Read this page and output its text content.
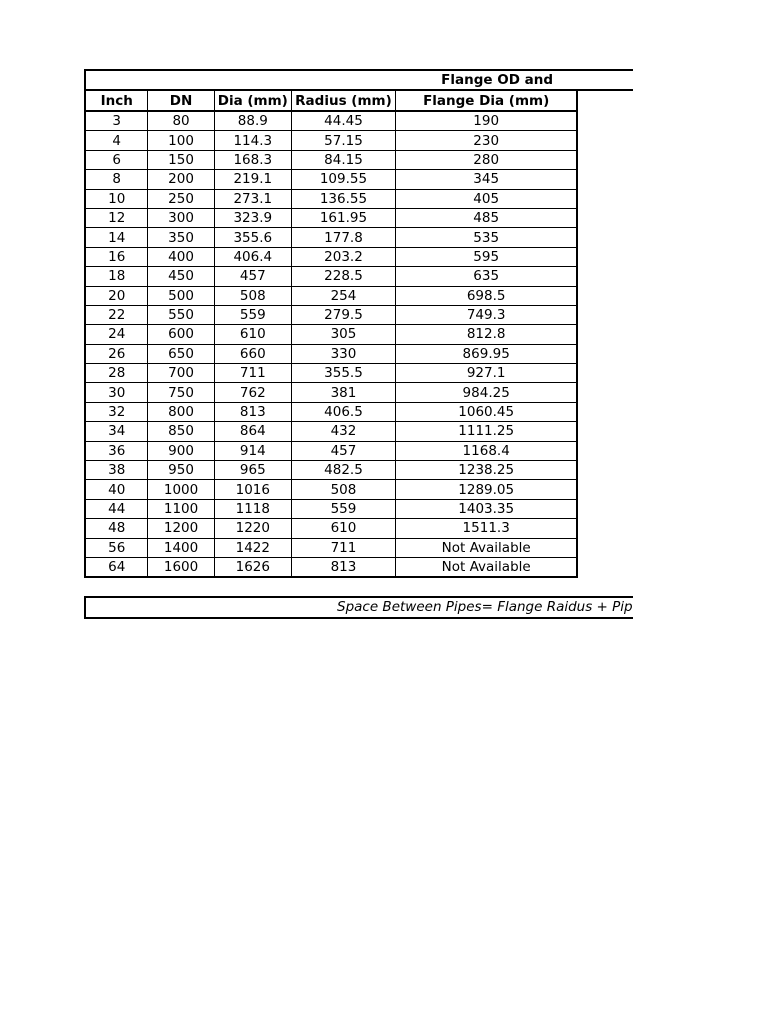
Flange OD and					
Inch	DN	Dia (mm)	Radius (mm)	Flange Dia (mm)	
3	80	88.9	44.45	190	
4	100	114.3	57.15	230	
6	150	168.3	84.15	280	
8	200	219.1	109.55	345	
10	250	273.1	136.55	405	
12	300	323.9	161.95	485	
14	350	355.6	177.8	535	
16	400	406.4	203.2	595	
18	450	457	228.5	635	
20	500	508	254	698.5	
22	550	559	279.5	749.3	
24	600	610	305	812.8	
26	650	660	330	869.95	
28	700	711	355.5	927.1	
30	750	762	381	984.25	
32	800	813	406.5	1060.45	
34	850	864	432	1111.25	
36	900	914	457	1168.4	
38	950	965	482.5	1238.25	
40	1000	1016	508	1289.05	
44	1100	1118	559	1403.35	
48	1200	1220	610	1511.3	
56	1400	1422	711	Not Available	
64	1600	1626	813	Not Available	
Space Between Pipes= Flange Raidus + Pip
